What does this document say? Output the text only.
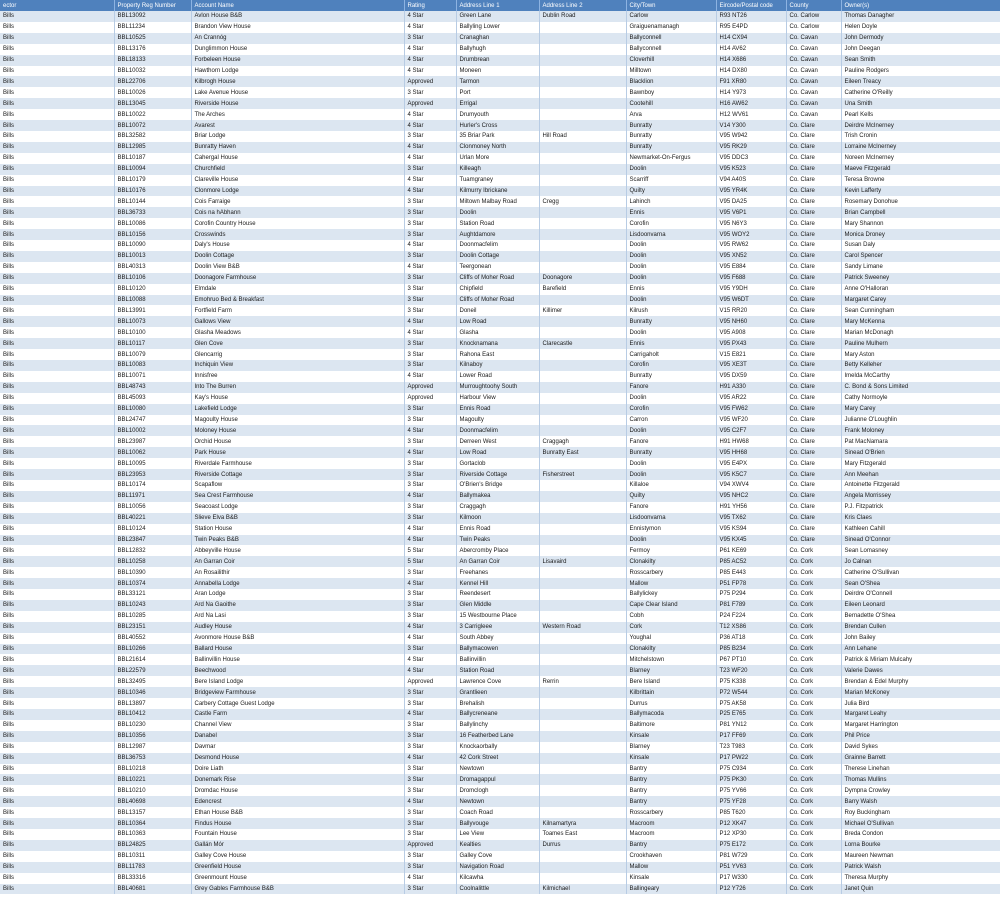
ector	Property Reg Number	Account Name	Rating	Address Line 1	Address Line 2	City/Town	Eircode/Postal code	County	Owner(s)
Bills	BBL13092	Avlon House B&B	4 Star	Green Lane	Dublin Road	Carlow	R93 NT26	Co. Carlow	Thomas Danagher
Bills	BBL11234	Brandon View House	4 Star	Ballyling Lower		Graiguenamanagh	R95 E4PD	Co. Carlow	Helen Doyle
Bills	BBL10525	An Crannóg	3 Star	Cranaghan		Ballyconnell	H14 CX94	Co. Cavan	John Dermody
Bills	BBL13176	Dunglimmon House	4 Star	Ballyhugh		Ballyconnell	H14 AV62	Co. Cavan	John Deegan
Bills	BBL18133	Forbeleen House	4 Star	Drumbrean		Cloverhill	H14 X686	Co. Cavan	Sean Smith
Bills	BBL10032	Hawthorn Lodge	4 Star	Moneen		Milltown	H14 DX80	Co. Cavan	Pauline Rodgers
Bills	BBL22706	Kilbrogh House	Approved	Tarmon		Blacklion	F91 XR80	Co. Cavan	Eileen Treacy
Bills	BBL10026	Lake Avenue House	3 Star	Port		Bawnboy	H14 Y973	Co. Cavan	Catherine O'Reilly
Bills	BBL13045	Riverside House	Approved	Errigal		Cootehill	H16 AW62	Co. Cavan	Una Smith
Bills	BBL10022	The Arches	4 Star	Drumyouth		Arva	H12 WV61	Co. Cavan	Pearl Kells
Bills	BBL10072	Avarest	4 Star	Hurler's Cross		Bunratty	V14 Y300	Co. Clare	Deirdre McInerney
Bills	BBL32582	Briar Lodge	3 Star	35 Briar Park	Hill Road	Bunratty	V95 W942	Co. Clare	Trish Cronin
Bills	BBL12985	Bunratty Haven	4 Star	Clonmoney North		Bunratty	V95 RK29	Co. Clare	Lorraine McInerney
Bills	BBL10187	Cahergal House	4 Star	Urlan More		Newmarket-On-Fergus	V95 DDC3	Co. Clare	Noreen McInerney
Bills	BBL10094	Churchfield	3 Star	Killeagh		Doolin	V95 K523	Co. Clare	Maeve Fitzgerald
Bills	BBL10179	Clareville House	4 Star	Tuamgraney		Scarriff	V94 A40S	Co. Clare	Teresa Browne
Bills	BBL10176	Clonmore Lodge	4 Star	Kilmurry Ibrickane		Quilty	V95 YR4K	Co. Clare	Kevin Lafferty
Bills	BBL10144	Cois Farraige	3 Star	Miltown Malbay Road	Cregg	Lahinch	V95 DA25	Co. Clare	Rosemary Donohue
Bills	BBL36733	Cois na hAbhann	3 Star	Doolin		Ennis	V95 V6P1	Co. Clare	Brian Campbell
Bills	BBL10086	Corofin Country House	3 Star	Station Road		Corofin	V95 N6Y3	Co. Clare	Mary Shannon
Bills	BBL10156	Crosswinds	3 Star	Aughtdamore		Lisdoonvarna	V95 WOY2	Co. Clare	Monica Droney
Bills	BBL10090	Daly's House	4 Star	Doonmacfelim		Doolin	V95 RW62	Co. Clare	Susan Daly
Bills	BBL10013	Doolin Cottage	3 Star	Doolin Cottage		Doolin	V95 XN52	Co. Clare	Carol Spencer
Bills	BBL40313	Doolin View B&B	4 Star	Teergonean		Doolin	V95 E884	Co. Clare	Sandy Limane
Bills	BBL10106	Doonagore Farmhouse	3 Star	Cliffs of Moher Road	Doonagore	Doolin	V95 F688	Co. Clare	Patrick Sweeney
Bills	BBL10120	Elmdale	3 Star	Chipfield	Barefield	Ennis	V95 Y9DH	Co. Clare	Anne O'Halloran
Bills	BBL10088	Emohruo Bed & Breakfast	3 Star	Cliffs of Moher Road		Doolin	V95 W6DT	Co. Clare	Margaret Carey
Bills	BBL13991	Fortfield Farm	3 Star	Doneil	Killimer	Kilrush	V15 RR20	Co. Clare	Sean Cunningham
Bills	BBL10073	Gallows View	4 Star	Low Road		Bunratty	V95 NH60	Co. Clare	Mary McKenna
Bills	BBL10100	Glasha Meadows	4 Star	Glasha		Doolin	V95 A908	Co. Clare	Marian McDonagh
Bills	BBL10117	Glen Cove	3 Star	Knocknamana	Clarecastle	Ennis	V95 PX43	Co. Clare	Pauline Mulhern
Bills	BBL10079	Glencarrig	3 Star	Rahona East		Carrigaholt	V15 E821	Co. Clare	Mary Aston
Bills	BBL10083	Inchiquin View	3 Star	Kilnaboy		Corofin	V95 XE3T	Co. Clare	Betty Kelleher
Bills	BBL10071	Innisfree	4 Star	Lower Road		Bunratty	V95 DX59	Co. Clare	Imelda McCarthy
Bills	BBL48743	Into The Burren	Approved	Murroughtoohy South		Fanore	H91 A330	Co. Clare	C. Bond & Sons Limited
Bills	BBL45093	Kay's House	Approved	Harbour View		Doolin	V95 AR22	Co. Clare	Cathy Normoyle
Bills	BBL10080	Lakefield Lodge	3 Star	Ennis Road		Corofin	V95 FW62	Co. Clare	Mary Carey
Bills	BBL24747	Magoulty House	3 Star	Magoulty		Carron	V95 WF20	Co. Clare	Julianne O'Loughlin
Bills	BBL10002	Moloney House	4 Star	Doonmacfelim		Doolin	V95 C2F7	Co. Clare	Frank Moloney
Bills	BBL23987	Orchid House	3 Star	Derreen West	Craggagh	Fanore	H91 HW68	Co. Clare	Pat MacNamara
Bills	BBL10062	Park House	4 Star	Low Road	Bunratty East	Bunratty	V95 HH68	Co. Clare	Sinead O'Brien
Bills	BBL10095	Riverdale Farmhouse	3 Star	Gortaclob		Doolin	V95 E4PX	Co. Clare	Mary Fitzgerald
Bills	BBL23953	Riverside Cottage	3 Star	Riverside Cottage	Fisherstreet	Doolin	V95 K5C7	Co. Clare	Ann Meehan
Bills	BBL10174	Scapaflow	3 Star	O'Brien's Bridge		Killaloe	V94 XWV4	Co. Clare	Antoinette Fitzgerald
Bills	BBL11971	Sea Crest Farmhouse	4 Star	Ballymakea		Quilty	V95 NHC2	Co. Clare	Angela Morrissey
Bills	BBL10056	Seacoast Lodge	3 Star	Craggagh		Fanore	H91 YH56	Co. Clare	P.J. Fitzpatrick
Bills	BBL40221	Slieve Elva B&B	3 Star	Kilmoon		Lisdoonvarna	V95 TX62	Co. Clare	Kris Claes
Bills	BBL10124	Station House	4 Star	Ennis Road		Ennistymon	V95 KS94	Co. Clare	Kathleen Cahill
Bills	BBL23847	Twin Peaks B&B	4 Star	Twin Peaks		Doolin	V95 KX45	Co. Clare	Sinead O'Connor
Bills	BBL12832	Abbeyville House	5 Star	Abercromby Place		Fermoy	P61 KE69	Co. Cork	Sean Lomasney
Bills	BBL10258	An Garran Coir	5 Star	An Garran Coir	Lisavaird	Clonakilty	P85 AC52	Co. Cork	Jo Calnan
Bills	BBL10390	An Rosailithir	3 Star	Freehanes		Rosscarbery	P85 E443	Co. Cork	Catherine O'Sullivan
Bills	BBL10374	Annabella Lodge	4 Star	Kennel Hill		Mallow	P51 FP78	Co. Cork	Sean O'Shea
Bills	BBL33121	Aran Lodge	3 Star	Reendesert		Ballylickey	P75 P294	Co. Cork	Deirdre O'Connell
Bills	BBL10243	Ard Na Gaoithe	3 Star	Glen Middle		Cape Clear Island	P81 F789	Co. Cork	Eileen Leonard
Bills	BBL10285	Ard Na Lasi	3 Star	15 Westbourne Place		Cobh	P24 F224	Co. Cork	Bernadette O'Shea
Bills	BBL23151	Audley House	4 Star	3 Carrigleee	Western Road	Cork	T12 XS86	Co. Cork	Brendan Cullen
Bills	BBL40552	Avonmore House B&B	4 Star	South Abbey		Youghal	P36 AT18	Co. Cork	John Bailey
Bills	BBL10266	Ballard House	3 Star	Ballymacowen		Clonakilty	P85 B234	Co. Cork	Ann Lehane
Bills	BBL21614	Ballinvillin House	4 Star	Ballinvillin		Mitchelstown	P67 PT10	Co. Cork	Patrick & Miriam Mulcahy
Bills	BBL22579	Beechwood	4 Star	Station Road		Blarney	T23 WF20	Co. Cork	Valerie Dawes
Bills	BBL32495	Bere Island Lodge	Approved	Lawrence Cove	Rerrin	Bere Island	P75 K338	Co. Cork	Brendan & Edel Murphy
Bills	BBL10346	Bridgeview Farmhouse	3 Star	Grantlieen		Kilbrittain	P72 W544	Co. Cork	Marian McKoney
Bills	BBL13897	Carbery Cottage Guest Lodge	3 Star	Brehalish		Durrus	P75 AK58	Co. Cork	Julia Bird
Bills	BBL10412	Castle Farm	4 Star	Ballycreneane		Ballymacoda	P25 E765	Co. Cork	Margaret Leahy
Bills	BBL10230	Channel View	3 Star	Ballylinchy		Baltimore	P81 YN12	Co. Cork	Margaret Harrington
Bills	BBL10356	Danabel	3 Star	16 Featherbed Lane		Kinsale	P17 FF69	Co. Cork	Phil Price
Bills	BBL12987	Davmar	3 Star	Knockaorbally		Blarney	T23 T983	Co. Cork	David Sykes
Bills	BBL36753	Desmond House	4 Star	42 Cork Street		Kinsale	P17 PW22	Co. Cork	Grainne Barrett
Bills	BBL10218	Doire Liath	3 Star	Newtown		Bantry	P75 C934	Co. Cork	Therese Linehan
Bills	BBL10221	Donemark Rise	3 Star	Dromagappul		Bantry	P75 PK30	Co. Cork	Thomas Mullins
Bills	BBL10210	Dromdac House	3 Star	Dromclogh		Bantry	P75 YV66	Co. Cork	Dympna Crowley
Bills	BBL40698	Edencrest	4 Star	Newtown		Bantry	P75 YF28	Co. Cork	Barry Walsh
Bills	BBL13157	Ethan House B&B	3 Star	Coach Road		Rosscarbery	P85 T620	Co. Cork	Roy Buckingham
Bills	BBL10364	Findus House	3 Star	Ballyvouge	Kilnamartyra	Macroom	P12 XK47	Co. Cork	Michael O'Sullivan
Bills	BBL10363	Fountain House	3 Star	Lee View	Toames East	Macroom	P12 XP30	Co. Cork	Breda Condon
Bills	BBL24825	Gallán Mór	Approved	Kealties	Durrus	Bantry	P75 E172	Co. Cork	Lorna Bourke
Bills	BBL10311	Galley Cove House	3 Star	Galley Cove		Crookhaven	P81 W729	Co. Cork	Maureen Newman
Bills	BBL11783	Greenfield House	3 Star	Navigation Road		Mallow	P51 YV63	Co. Cork	Patrick Walsh
Bills	BBL33316	Greenmount House	4 Star	Kilcawha		Kinsale	P17 W330	Co. Cork	Theresa Murphy
Bills	BBL40681	Grey Gables Farmhouse B&B	3 Star	Coolnalittle	Kilmichael	Ballingeary	P12 Y726	Co. Cork	Janet Quin
